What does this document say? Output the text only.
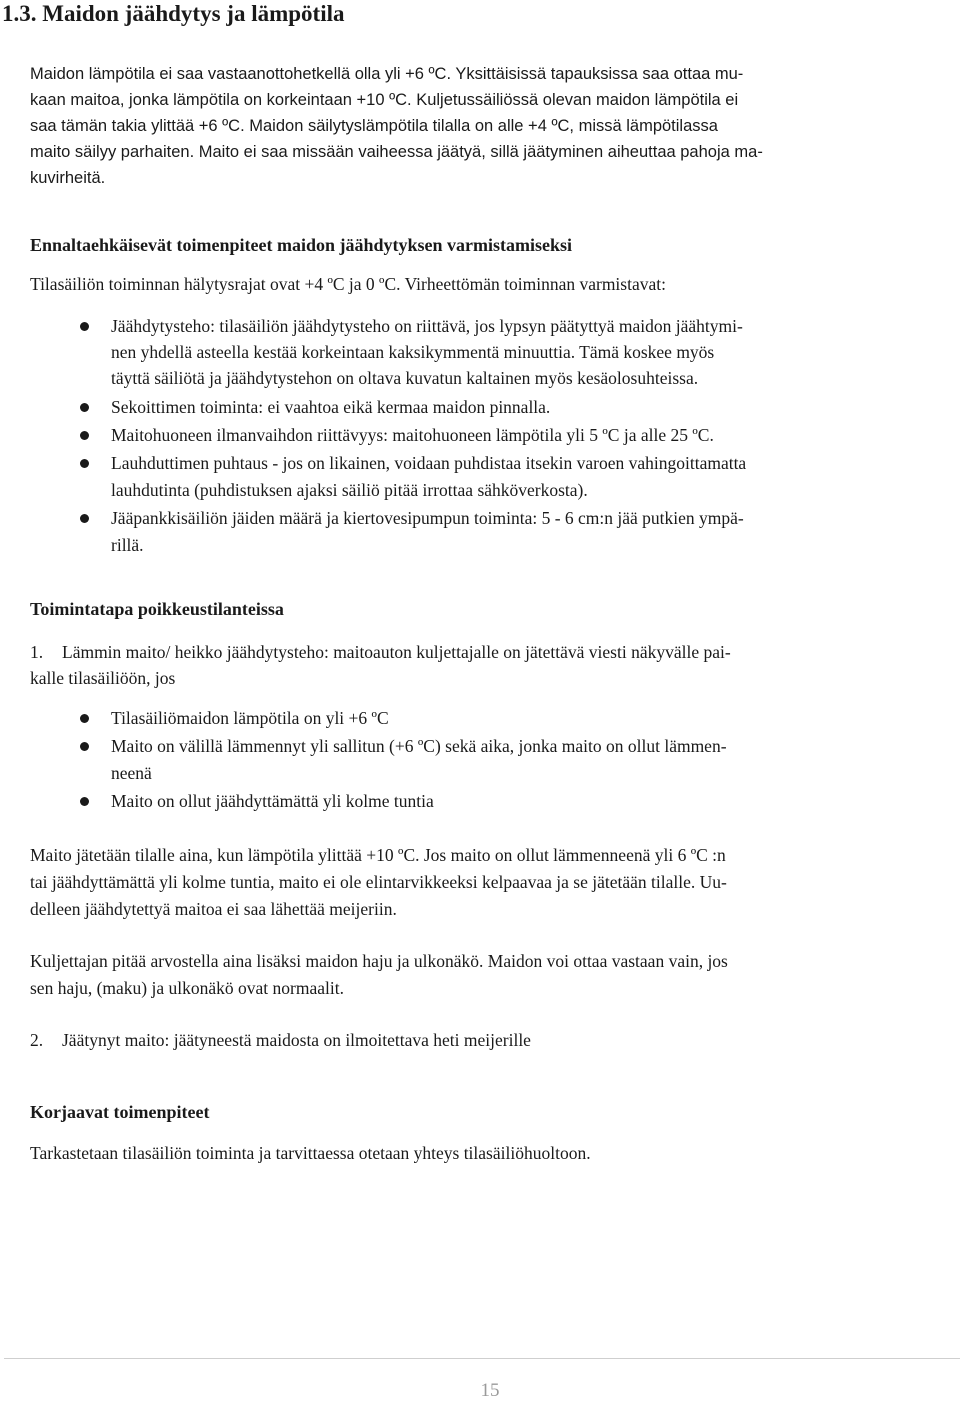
1.3. Maidon jäähdytys ja lämpötila
Maidon lämpötila ei saa vastaanottohetkellä olla yli +6 ºC. Yksittäisissä tapauksissa saa ottaa mu-
kaan maitoa, jonka lämpötila on korkeintaan +10 ºC. Kuljetussäiliössä olevan maidon lämpötila ei
saa tämän takia ylittää +6 ºC. Maidon säilytyslämpötila tilalla on alle +4 ºC, missä lämpötilassa
maito säilyy parhaiten. Maito ei saa missään vaiheessa jäätyä, sillä jäätyminen aiheuttaa pahoja ma-
kuvirheitä.
Ennaltaehkäisevät toimenpiteet maidon jäähdytyksen varmistamiseksi
Tilasäiliön toiminnan hälytysrajat ovat +4 ºC ja 0 ºC. Virheettömän toiminnan varmistavat:
Jäähdytysteho: tilasäiliön jäähdytysteho on riittävä, jos lypsyn päätyttyä maidon jäähtymi-
nen yhdellä asteella kestää korkeintaan kaksikymmentä minuuttia. Tämä koskee myös
täyttä säiliötä ja jäähdytystehon on oltava kuvatun kaltainen myös kesäolosuhteissa.
Sekoittimen toiminta: ei vaahtoa eikä kermaa maidon pinnalla.
Maitohuoneen ilmanvaihdon riittävyys: maitohuoneen lämpötila yli 5 ºC ja alle 25 ºC.
Lauhduttimen puhtaus - jos on likainen, voidaan puhdistaa itsekin varoen vahingoittamatta
lauhdutinta (puhdistuksen ajaksi säiliö pitää irrottaa sähköverkosta).
Jääpankkisäiliön jäiden määrä ja kiertovesipumpun toiminta: 5 - 6 cm:n jää putkien ympä-
rillä.
Toimintatapa poikkeustilanteissa
1. Lämmin maito/ heikko jäähdytysteho: maitoauton kuljettajalle on jätettävä viesti näkyvälle pai-
kalle tilasäiliöön, jos
Tilasäiliömaidon lämpötila on yli +6 ºC
Maito on välillä lämmennyt yli sallitun (+6 ºC) sekä aika, jonka maito on ollut lämmen-
neenä
Maito on ollut jäähdyttämättä yli kolme tuntia
Maito jätetään tilalle aina, kun lämpötila ylittää +10 ºC. Jos maito on ollut lämmenneenä yli 6 ºC :n
tai jäähdyttämättä yli kolme tuntia, maito ei ole elintarvikkeeksi kelpaavaa ja se jätetään tilalle. Uu-
delleen jäähdytettyä maitoa ei saa lähettää meijeriin.
Kuljettajan pitää arvostella aina lisäksi maidon haju ja ulkonäkö. Maidon voi ottaa vastaan vain, jos
sen haju, (maku) ja ulkonäkö ovat normaalit.
2. Jäätynyt maito: jäätyneestä maidosta on ilmoitettava heti meijerille
Korjaavat toimenpiteet
Tarkastetaan tilasäiliön toiminta ja tarvittaessa otetaan yhteys tilasäiliöhuoltoon.
15
